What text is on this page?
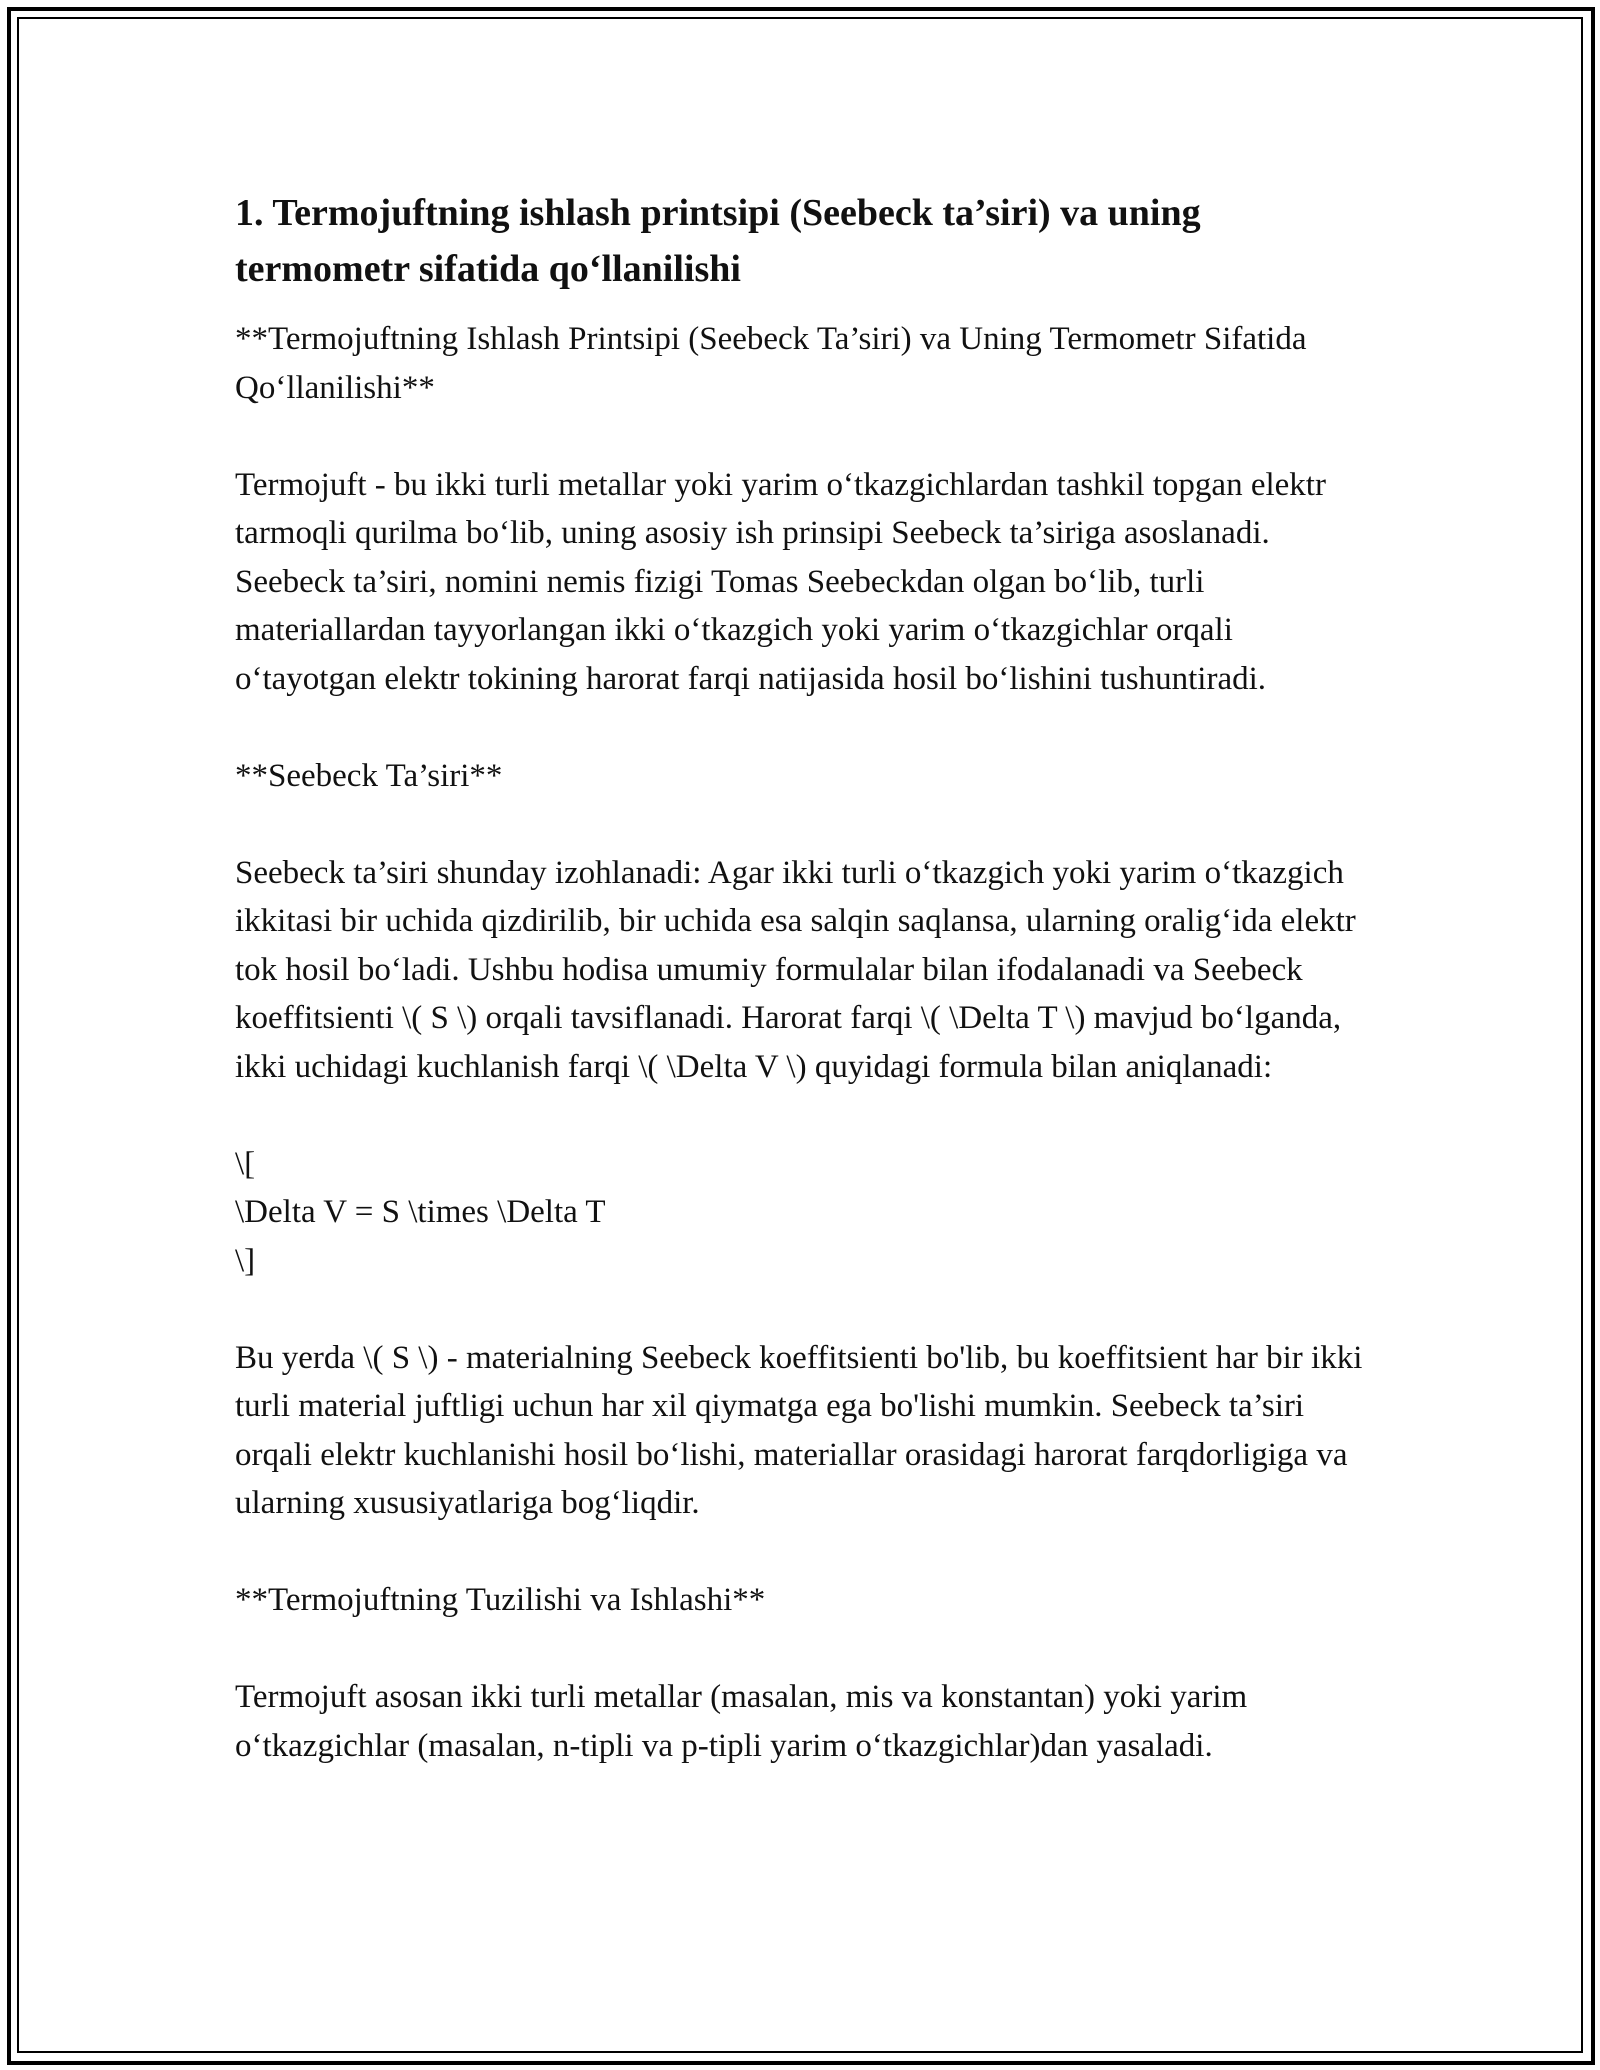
1. Termojuftning ishlash printsipi (Seebeck ta’siri) va uning termometr sifatida qo‘llanilishi

**Termojuftning Ishlash Printsipi (Seebeck Ta’siri) va Uning Termometr Sifatida Qo‘llanilishi**

Termojuft - bu ikki turli metallar yoki yarim o‘tkazgichlardan tashkil topgan elektr tarmoqli qurilma bo‘lib, uning asosiy ish prinsipi Seebeck ta’siriga asoslanadi. Seebeck ta’siri, nomini nemis fizigi Tomas Seebeckdan olgan bo‘lib, turli materiallardan tayyorlangan ikki o‘tkazgich yoki yarim o‘tkazgichlar orqali o‘tayotgan elektr tokining harorat farqi natijasida hosil bo‘lishini tushuntiradi.

**Seebeck Ta’siri**

Seebeck ta’siri shunday izohlanadi: Agar ikki turli o‘tkazgich yoki yarim o‘tkazgich ikkitasi bir uchida qizdirilib, bir uchida esa salqin saqlansa, ularning oralig‘ida elektr tok hosil bo‘ladi. Ushbu hodisa umumiy formulalar bilan ifodalanadi va Seebeck koeffitsienti \( S \) orqali tavsiflanadi. Harorat farqi \( \Delta T \) mavjud bo‘lganda, ikki uchidagi kuchlanish farqi \( \Delta V \) quyidagi formula bilan aniqlanadi:

\[
\Delta V = S \times \Delta T
\]

Bu yerda \( S \) - materialning Seebeck koeffitsienti bo'lib, bu koeffitsient har bir ikki turli material juftligi uchun har xil qiymatga ega bo'lishi mumkin. Seebeck ta’siri orqali elektr kuchlanishi hosil bo‘lishi, materiallar orasidagi harorat farqdorligiga va ularning xususiyatlariga bog‘liqdir.

**Termojuftning Tuzilishi va Ishlashi**

Termojuft asosan ikki turli metallar (masalan, mis va konstantan) yoki yarim o‘tkazgichlar (masalan, n-tipli va p-tipli yarim o‘tkazgichlar)dan yasaladi.
